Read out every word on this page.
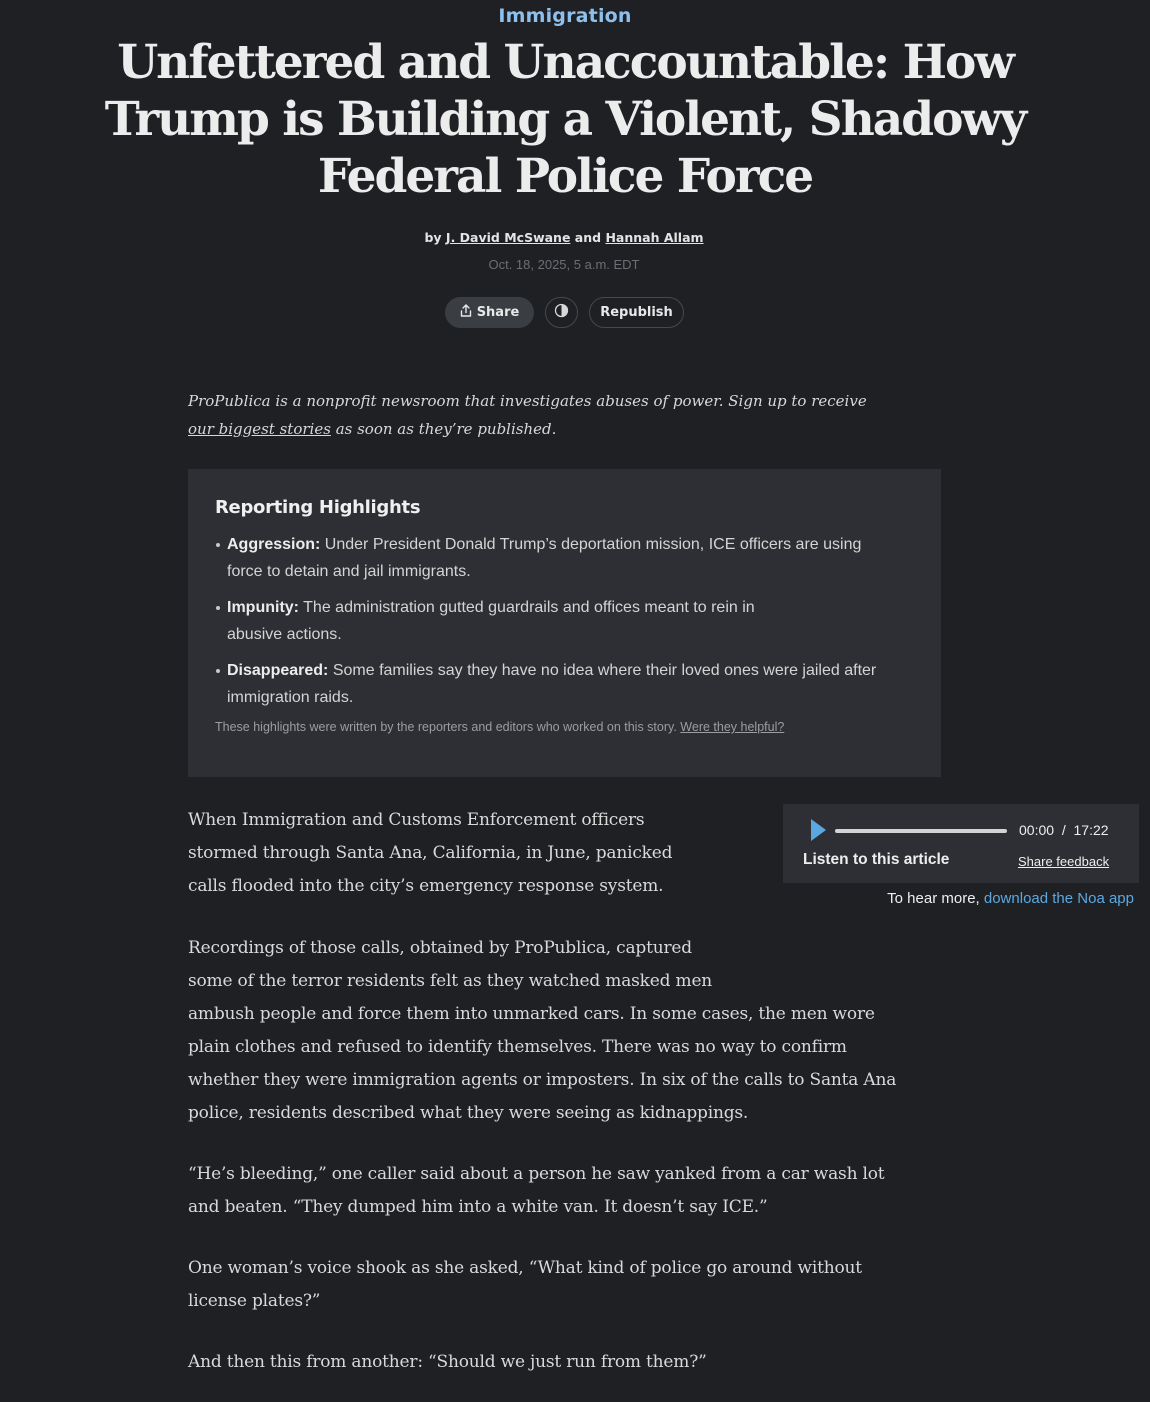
Immigration
Unfettered and Unaccountable: How Trump is Building a Violent, Shadowy Federal Police Force
by J. David McSwane and Hannah Allam
Oct. 18, 2025, 5 a.m. EDT
Share	Republish

ProPublica is a nonprofit newsroom that investigates abuses of power. Sign up to receive
our biggest stories as soon as they’re published.

Reporting Highlights
Aggression: Under President Donald Trump’s deportation mission, ICE officers are using force to detain and jail immigrants.
Impunity: The administration gutted guardrails and offices meant to rein in abusive actions.
Disappeared: Some families say they have no idea where their loved ones were jailed after immigration raids.
These highlights were written by the reporters and editors who worked on this story. Were they helpful?

When Immigration and Customs Enforcement officers
stormed through Santa Ana, California, in June, panicked
calls flooded into the city’s emergency response system.

00:00 / 17:22
Listen to this article	Share feedback
To hear more, download the Noa app

Recordings of those calls, obtained by ProPublica, captured
some of the terror residents felt as they watched masked men
ambush people and force them into unmarked cars. In some cases, the men wore
plain clothes and refused to identify themselves. There was no way to confirm
whether they were immigration agents or imposters. In six of the calls to Santa Ana
police, residents described what they were seeing as kidnappings.

“He’s bleeding,” one caller said about a person he saw yanked from a car wash lot
and beaten. “They dumped him into a white van. It doesn’t say ICE.”

One woman’s voice shook as she asked, “What kind of police go around without
license plates?”

And then this from another: “Should we just run from them?”
